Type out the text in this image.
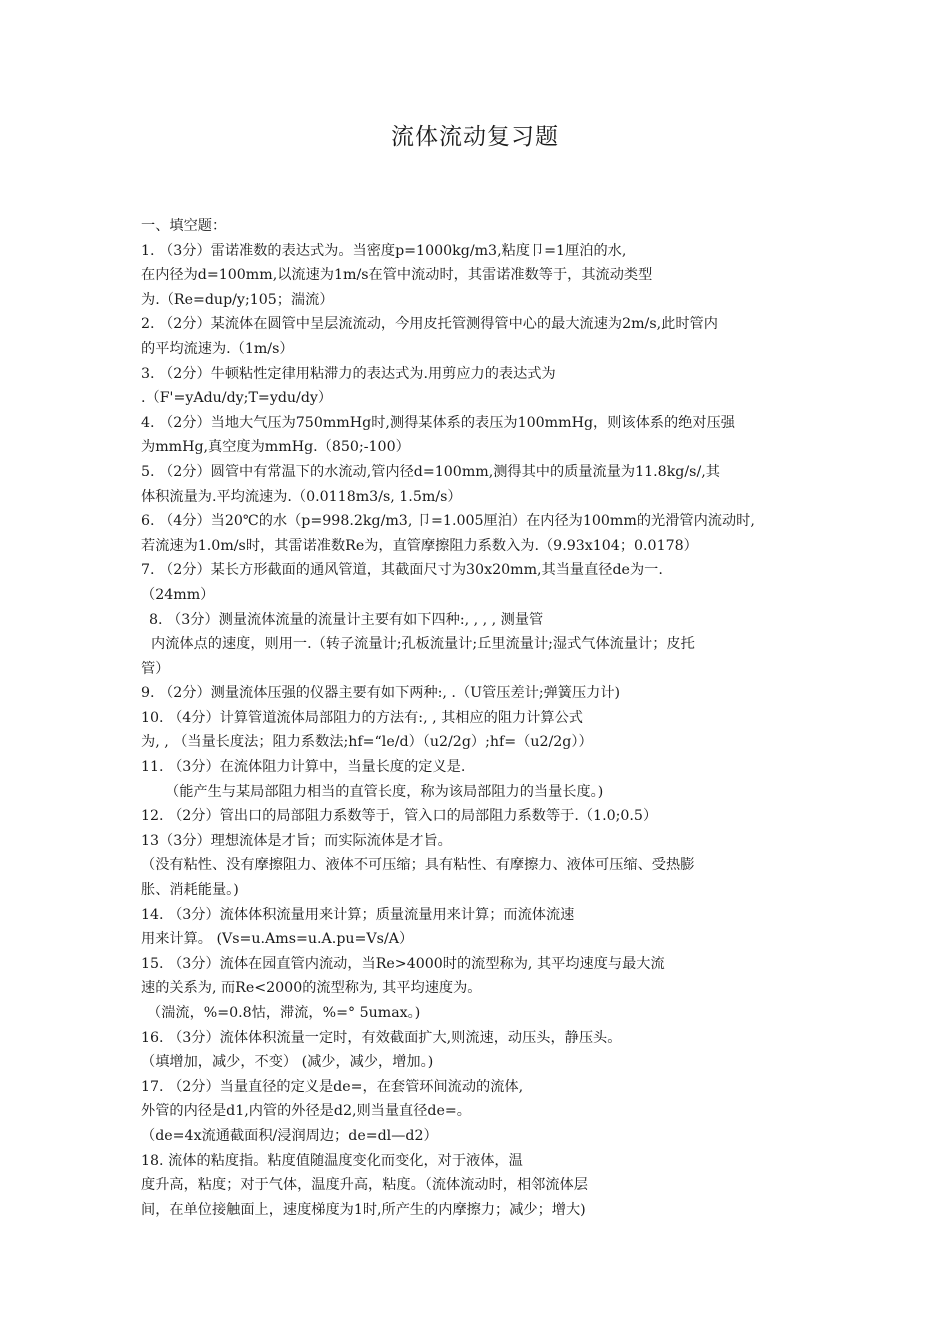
流体流动复习题
一、填空题：
1. （3分）雷诺准数的表达式为。当密度p=1000kg/m3,粘度卩=1厘泊的水,
在内径为d=100mm,以流速为1m/s在管中流动时，其雷诺准数等于，其流动类型
为.（Re=dup/y;105；湍流）
2. （2分）某流体在圆管中呈层流流动，今用皮托管测得管中心的最大流速为2m/s,此时管内
的平均流速为.（1m/s）
3. （2分）牛顿粘性定律用粘滞力的表达式为.用剪应力的表达式为
.（F'=yAdu/dy;T=ydu/dy）
4. （2分）当地大气压为750mmHg时,测得某体系的表压为100mmHg，则该体系的绝对压强
为mmHg,真空度为mmHg.（850;-100）
5. （2分）圆管中有常温下的水流动,管内径d=100mm,测得其中的质量流量为11.8kg/s/,其
体积流量为.平均流速为.（0.0118m3/s, 1.5m/s）
6. （4分）当20℃的水（p=998.2kg/m3, 卩=1.005厘泊）在内径为100mm的光滑管内流动时,
若流速为1.0m/s时，其雷诺准数Re为，直管摩擦阻力系数入为.（9.93x104；0.0178）
7. （2分）某长方形截面的通风管道，其截面尺寸为30x20mm,其当量直径de为一.
（24mm）
8. （3分）测量流体流量的流量计主要有如下四种:, , , , 测量管
内流体点的速度，则用一.（转子流量计;孔板流量计;丘里流量计;湿式气体流量计；皮托
管）
9. （2分）测量流体压强的仪器主要有如下两种:, .（U管压差计;弹簧压力计)
10. （4分）计算管道流体局部阻力的方法有:, , 其相应的阻力计算公式
为, , （当量长度法；阻力系数法;hf=“le/d）（u2/2g）;hf=（u2/2g））
11. （3分）在流体阻力计算中，当量长度的定义是.
（能产生与某局部阻力相当的直管长度，称为该局部阻力的当量长度。)
12. （2分）管出口的局部阻力系数等于，管入口的局部阻力系数等于.（1.0;0.5）
13（3分）理想流体是才旨；而实际流体是才旨。
（没有粘性、没有摩擦阻力、液体不可压缩；具有粘性、有摩擦力、液体可压缩、受热膨
胀、消耗能量。)
14. （3分）流体体积流量用来计算；质量流量用来计算；而流体流速
用来计算。 (Vs=u.Ams=u.A.pu=Vs/A）
15. （3分）流体在园直管内流动，当Re>4000时的流型称为, 其平均速度与最大流
速的关系为, 而Re<2000的流型称为, 其平均速度为。
（湍流，%=0.8怙，滞流，%=° 5umax。)
16. （3分）流体体积流量一定时，有效截面扩大,则流速，动压头，静压头。
（填增加，减少，不变） (减少，减少，增加。)
17. （2分）当量直径的定义是de=，在套管环间流动的流体,
外管的内径是d1,内管的外径是d2,则当量直径de=。
（de=4x流通截面积/浸润周边；de=dl—d2）
18. 流体的粘度指。粘度值随温度变化而变化，对于液体，温
度升高，粘度；对于气体，温度升高，粘度。（流体流动时，相邻流体层
间，在单位接触面上，速度梯度为1时,所产生的内摩擦力；减少；增大)
